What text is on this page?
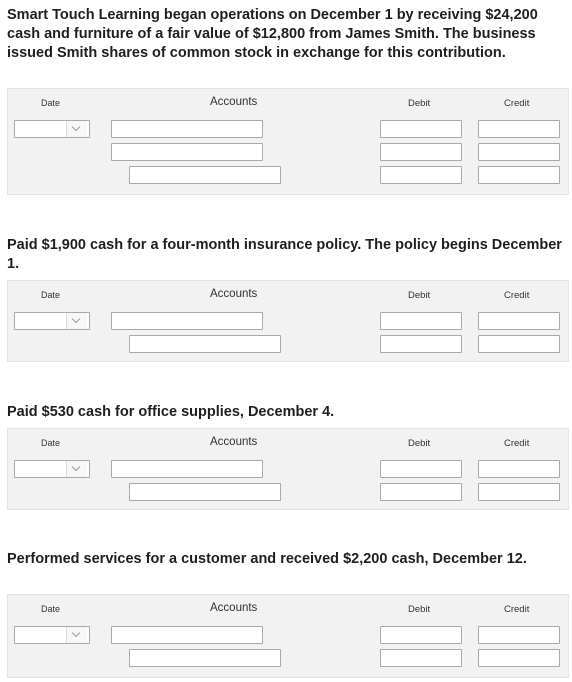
Smart Touch Learning began operations on December 1 by receiving $24,200 cash and furniture of a fair value of $12,800 from James Smith. The business issued Smith shares of common stock in exchange for this contribution.

Date	Accounts	Debit	Credit

Paid $1,900 cash for a four-month insurance policy. The policy begins December 1.

Date	Accounts	Debit	Credit

Paid $530 cash for office supplies, December 4.

Date	Accounts	Debit	Credit

Performed services for a customer and received $2,200 cash, December 12.

Date	Accounts	Debit	Credit
